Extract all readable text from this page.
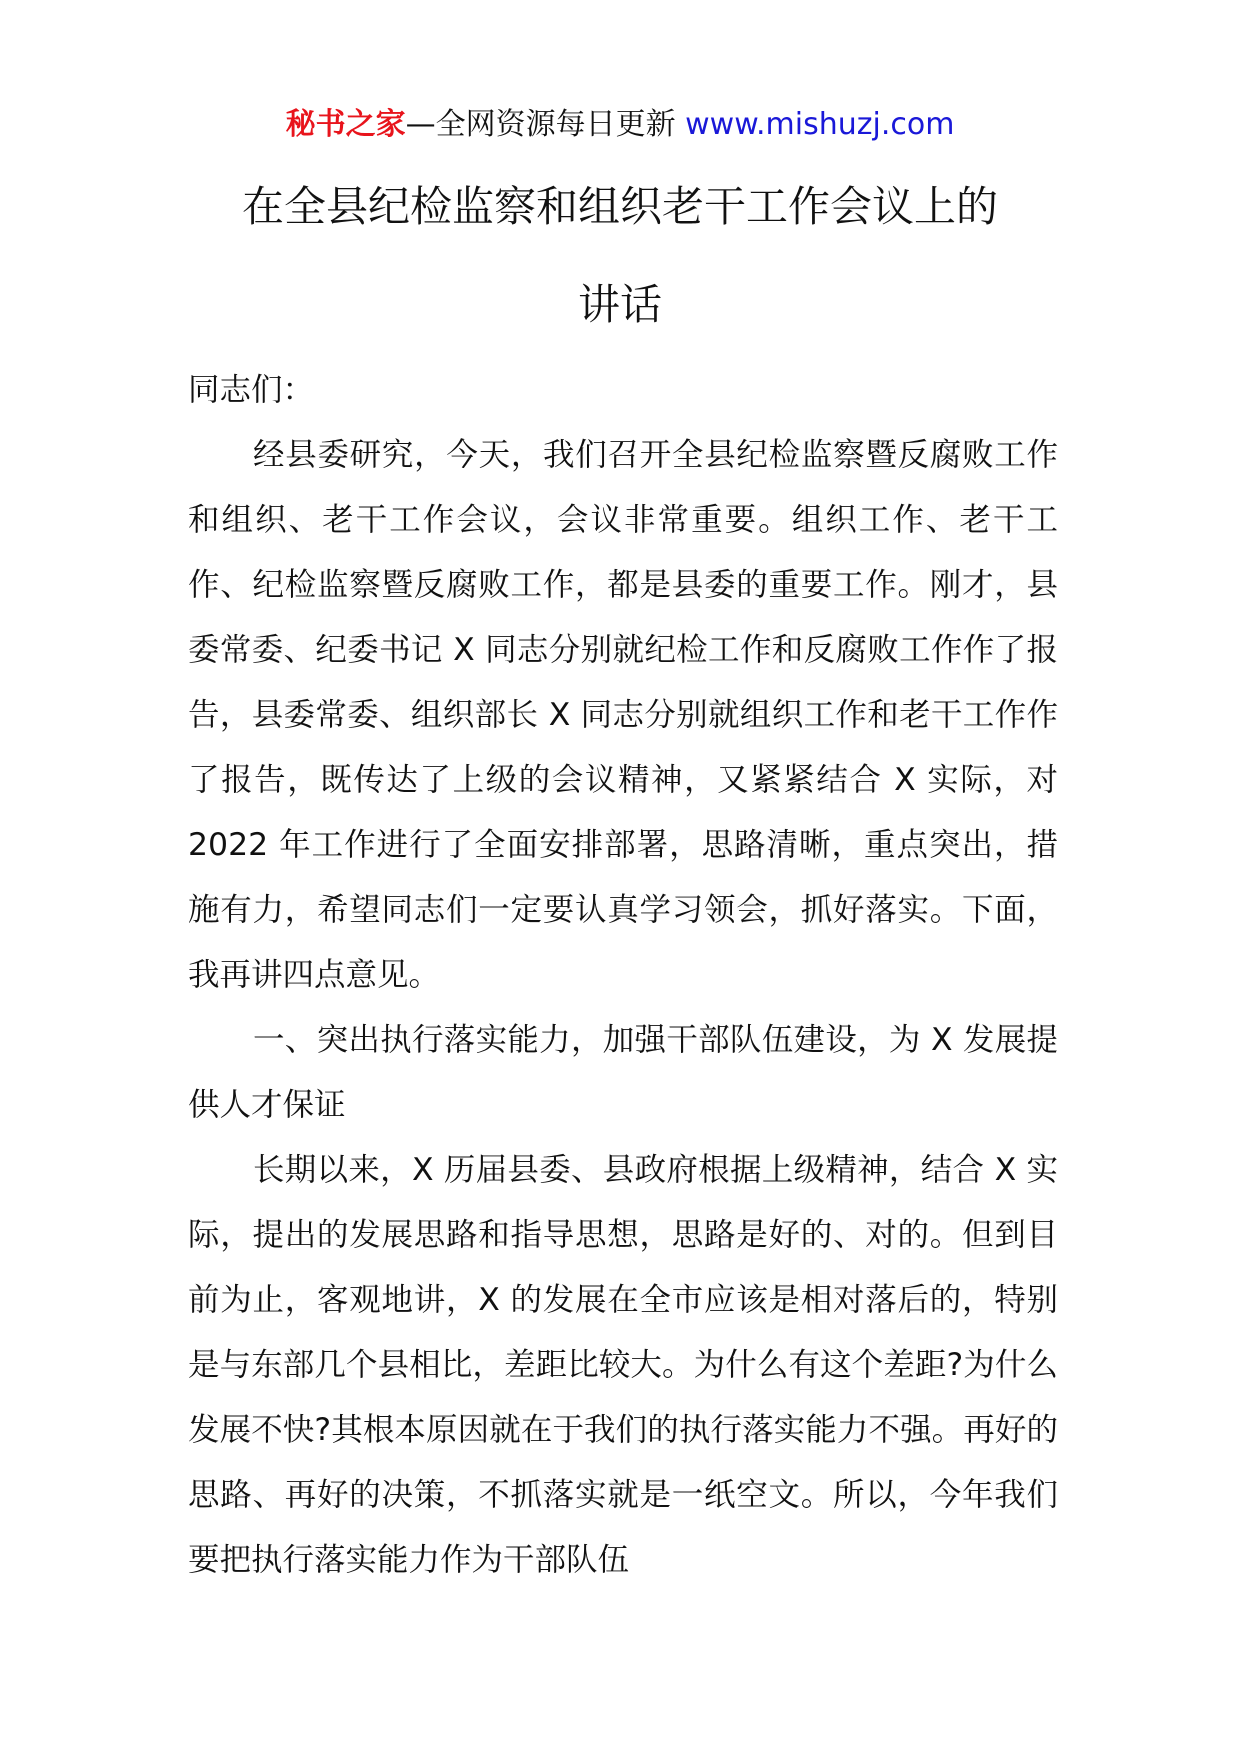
秘书之家—全网资源每日更新 www.mishuzj.com
在全县纪检监察和组织老干工作会议上的
讲话

同志们：

经县委研究，今天，我们召开全县纪检监察暨反腐败工作和组织、老干工作会议，会议非常重要。组织工作、老干工作、纪检监察暨反腐败工作，都是县委的重要工作。刚才，县委常委、纪委书记 X 同志分别就纪检工作和反腐败工作作了报告，县委常委、组织部长 X 同志分别就组织工作和老干工作作了报告，既传达了上级的会议精神，又紧紧结合 X 实际，对 2022 年工作进行了全面安排部署，思路清晰，重点突出，措施有力，希望同志们一定要认真学习领会，抓好落实。下面，我再讲四点意见。

一、突出执行落实能力，加强干部队伍建设，为 X 发展提供人才保证

长期以来，X 历届县委、县政府根据上级精神，结合 X 实际，提出的发展思路和指导思想，思路是好的、对的。但到目前为止，客观地讲，X 的发展在全市应该是相对落后的，特别是与东部几个县相比，差距比较大。为什么有这个差距?为什么发展不快?其根本原因就在于我们的执行落实能力不强。再好的思路、再好的决策，不抓落实就是一纸空文。所以，今年我们要把执行落实能力作为干部队伍
